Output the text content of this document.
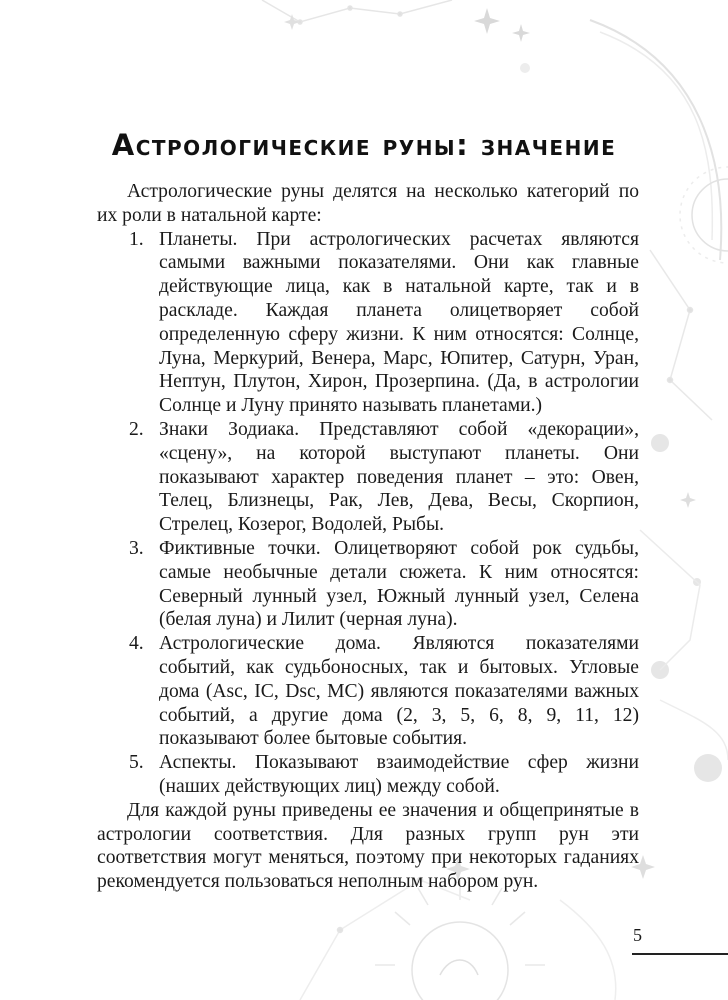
Астрологические руны: значение

Астрологические руны делятся на несколько категорий по их роли в натальной карте:

1. Планеты. При астрологических расчетах являются самыми важными показателями. Они как главные действующие лица, как в натальной карте, так и в раскладе. Каждая планета олицетворяет собой определенную сферу жизни. К ним относятся: Солнце, Луна, Меркурий, Венера, Марс, Юпитер, Сатурн, Уран, Нептун, Плутон, Хирон, Прозерпина. (Да, в астрологии Солнце и Луну принято называть планетами.)
2. Знаки Зодиака. Представляют собой «декорации», «сцену», на которой выступают планеты. Они показывают характер поведения планет – это: Овен, Телец, Близнецы, Рак, Лев, Дева, Весы, Скорпион, Стрелец, Козерог, Водолей, Рыбы.
3. Фиктивные точки. Олицетворяют собой рок судьбы, самые необычные детали сюжета. К ним относятся: Северный лунный узел, Южный лунный узел, Селена (белая луна) и Лилит (черная луна).
4. Астрологические дома. Являются показателями событий, как судьбоносных, так и бытовых. Угловые дома (Asc, IC, Dsc, MC) являются показателями важных событий, а другие дома (2, 3, 5, 6, 8, 9, 11, 12) показывают более бытовые события.
5. Аспекты. Показывают взаимодействие сфер жизни (наших действующих лиц) между собой.

Для каждой руны приведены ее значения и общепринятые в астрологии соответствия. Для разных групп рун эти соответствия могут меняться, поэтому при некоторых гаданиях рекомендуется пользоваться неполным набором рун.

5
